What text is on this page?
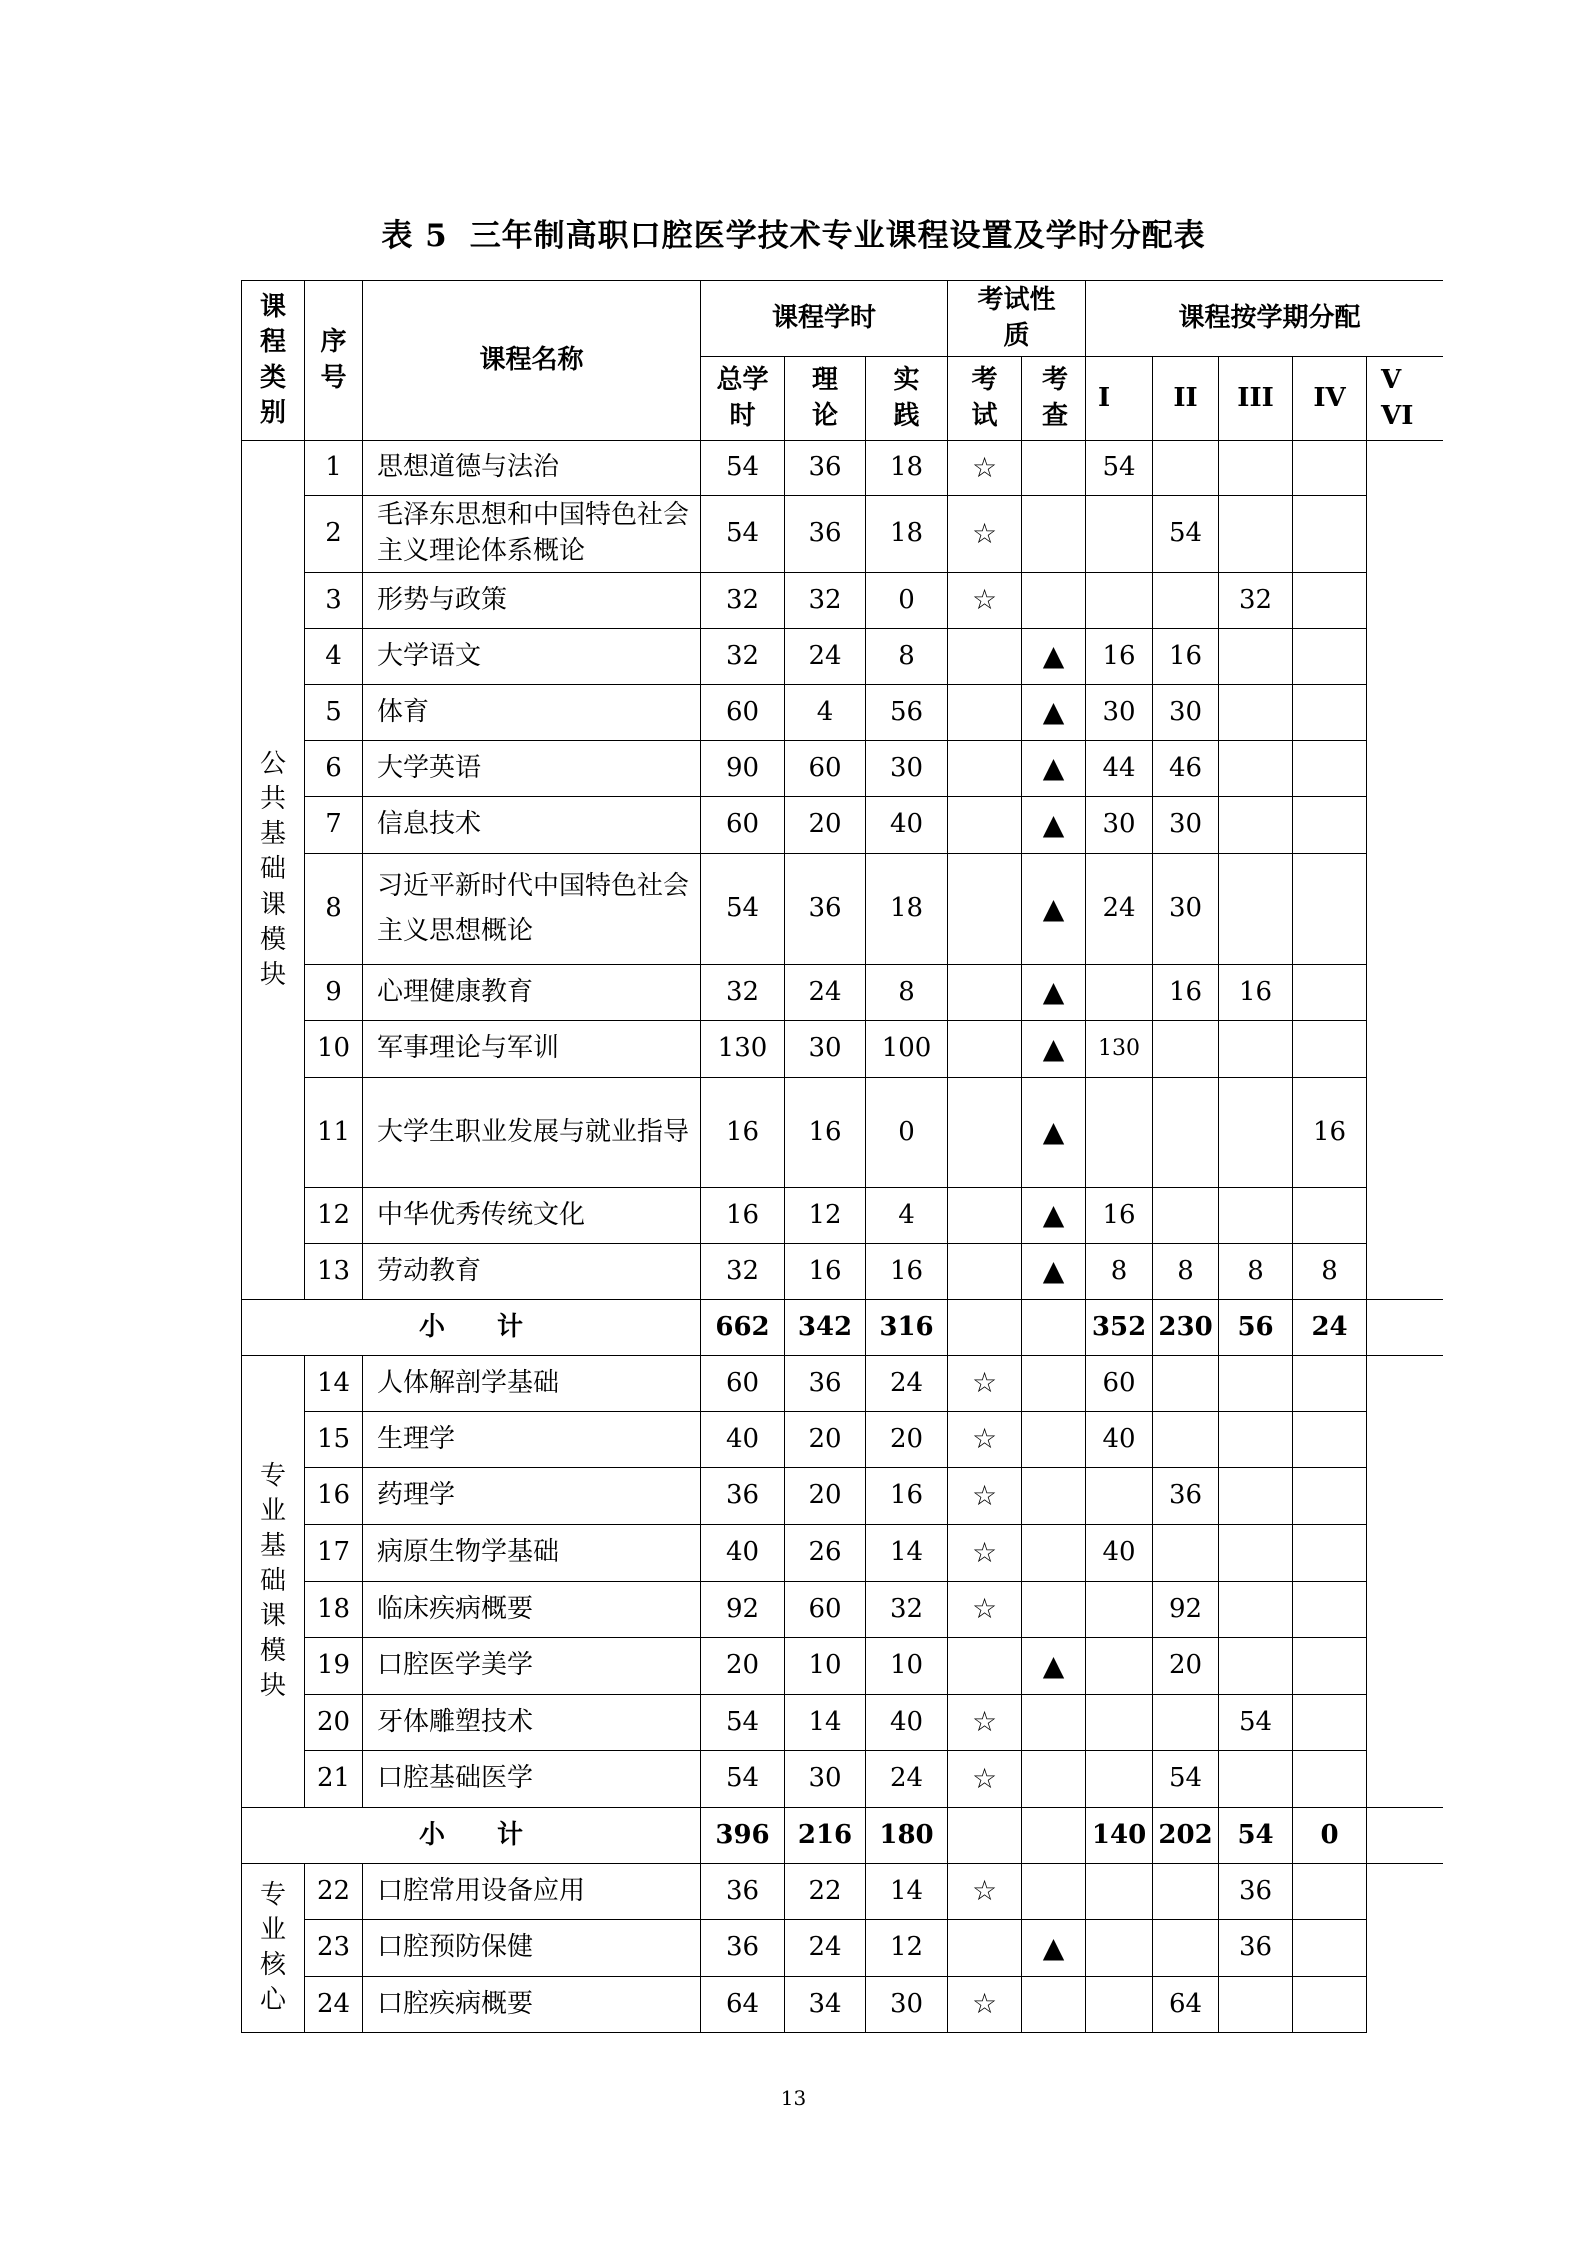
表 5 三年制高职口腔医学技术专业课程设置及学时分配表
课程类别	序号	课程名称	课程学时			考试性质		课程按学期分配				
			总学时	理论	实践	考试	考查	I	II	III	IV	V VI
公共基础课模块	1	思想道德与法治	54	36	18	☆		54				
	2	毛泽东思想和中国特色社会主义理论体系概论	54	36	18	☆			54			
	3	形势与政策	32	32	0	☆				32		
	4	大学语文	32	24	8		▲	16	16			
	5	体育	60	4	56		▲	30	30			
	6	大学英语	90	60	30		▲	44	46			
	7	信息技术	60	20	40		▲	30	30			
	8	习近平新时代中国特色社会主义思想概论	54	36	18		▲	24	30			
	9	心理健康教育	32	24	8		▲		16	16		
	10	军事理论与军训	130	30	100		▲	130				
	11	大学生职业发展与就业指导	16	16	0		▲				16	
	12	中华优秀传统文化	16	12	4		▲	16				
	13	劳动教育	32	16	16		▲	8	8	8	8	
小　　计			662	342	316			352	230	56	24	
专业基础课模块	14	人体解剖学基础	60	36	24	☆		60				
	15	生理学	40	20	20	☆		40				
	16	药理学	36	20	16	☆			36			
	17	病原生物学基础	40	26	14	☆		40				
	18	临床疾病概要	92	60	32	☆			92			
	19	口腔医学美学	20	10	10		▲		20			
	20	牙体雕塑技术	54	14	40	☆				54		
	21	口腔基础医学	54	30	24	☆			54			
小　　计			396	216	180			140	202	54	0	
专业核心	22	口腔常用设备应用	36	22	14	☆				36		
	23	口腔预防保健	36	24	12		▲			36		
	24	口腔疾病概要	64	34	30	☆			64			
13
